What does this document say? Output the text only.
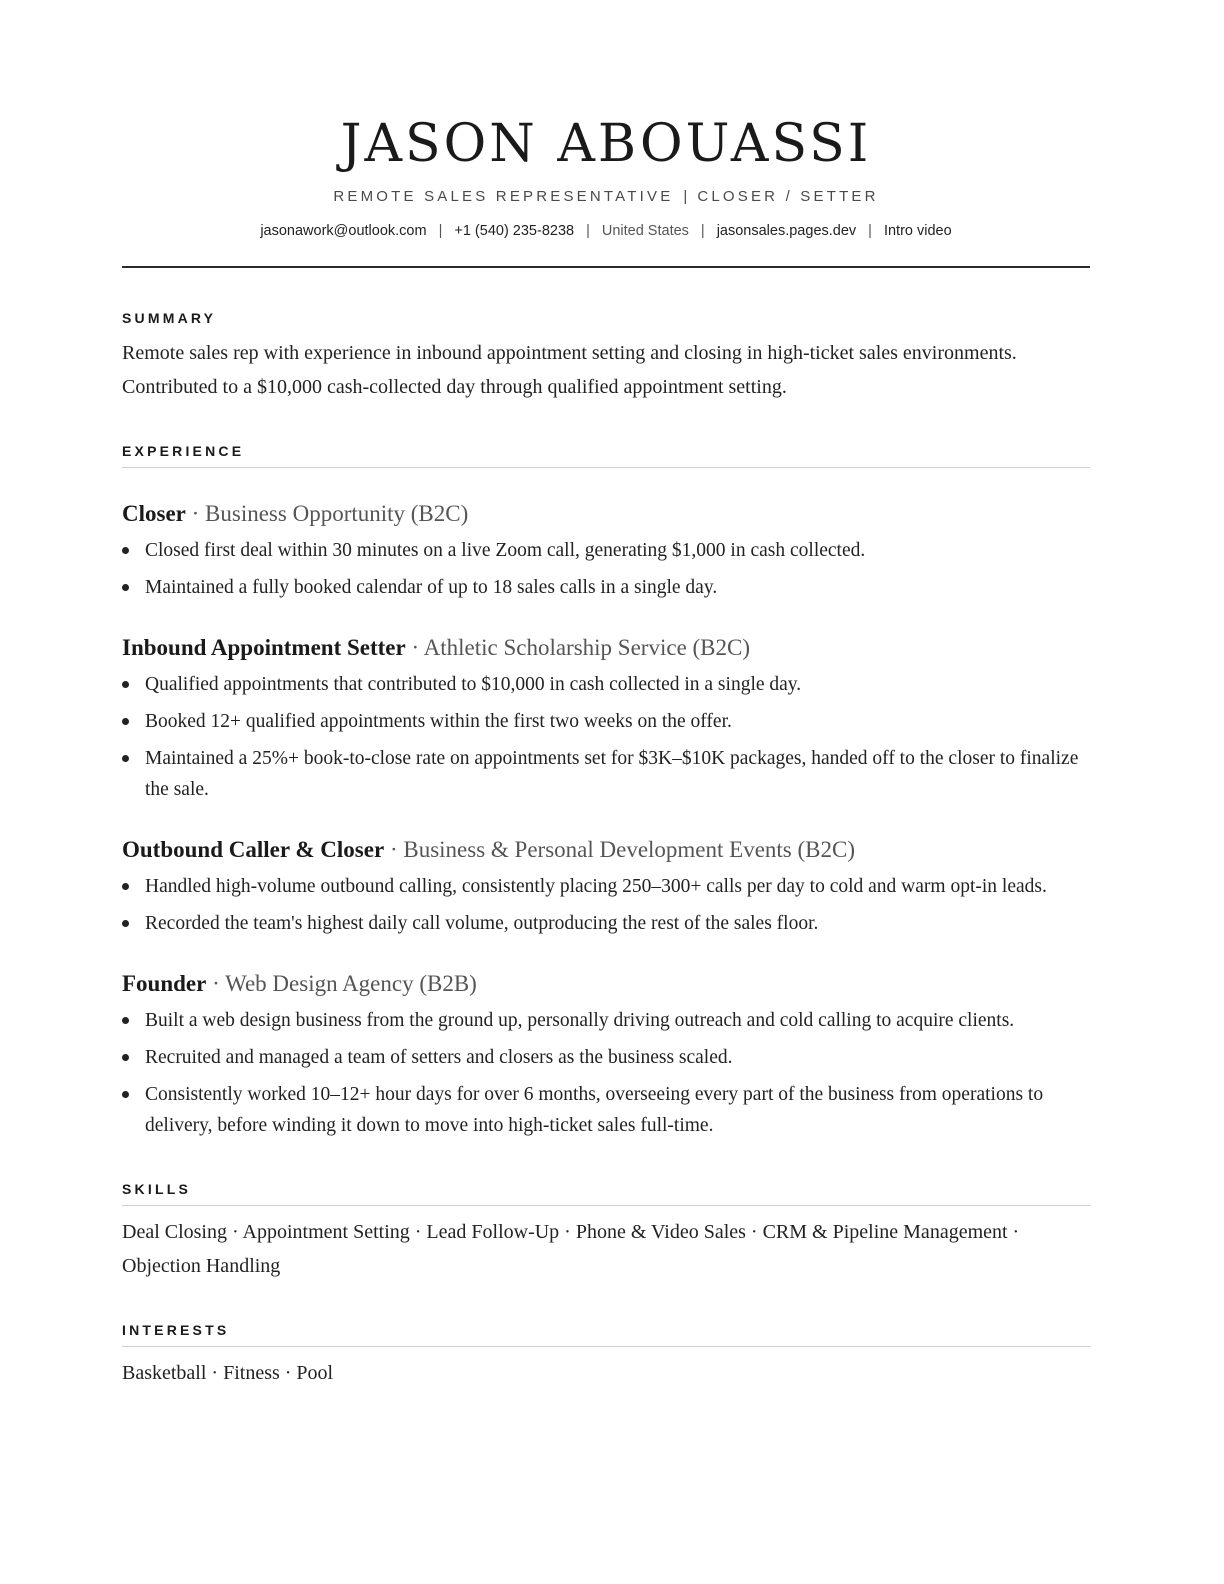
JASON ABOUASSI
REMOTE SALES REPRESENTATIVE | CLOSER / SETTER
jasonawork@outlook.com | +1 (540) 235-8238 | United States | jasonsales.pages.dev | Intro video
SUMMARY
Remote sales rep with experience in inbound appointment setting and closing in high-ticket sales environments. Contributed to a $10,000 cash-collected day through qualified appointment setting.
EXPERIENCE
Closer · Business Opportunity (B2C)
Closed first deal within 30 minutes on a live Zoom call, generating $1,000 in cash collected.
Maintained a fully booked calendar of up to 18 sales calls in a single day.
Inbound Appointment Setter · Athletic Scholarship Service (B2C)
Qualified appointments that contributed to $10,000 in cash collected in a single day.
Booked 12+ qualified appointments within the first two weeks on the offer.
Maintained a 25%+ book-to-close rate on appointments set for $3K–$10K packages, handed off to the closer to finalize the sale.
Outbound Caller & Closer · Business & Personal Development Events (B2C)
Handled high-volume outbound calling, consistently placing 250–300+ calls per day to cold and warm opt-in leads.
Recorded the team's highest daily call volume, outproducing the rest of the sales floor.
Founder · Web Design Agency (B2B)
Built a web design business from the ground up, personally driving outreach and cold calling to acquire clients.
Recruited and managed a team of setters and closers as the business scaled.
Consistently worked 10–12+ hour days for over 6 months, overseeing every part of the business from operations to delivery, before winding it down to move into high-ticket sales full-time.
SKILLS
Deal Closing · Appointment Setting · Lead Follow-Up · Phone & Video Sales · CRM & Pipeline Management · Objection Handling
INTERESTS
Basketball · Fitness · Pool
